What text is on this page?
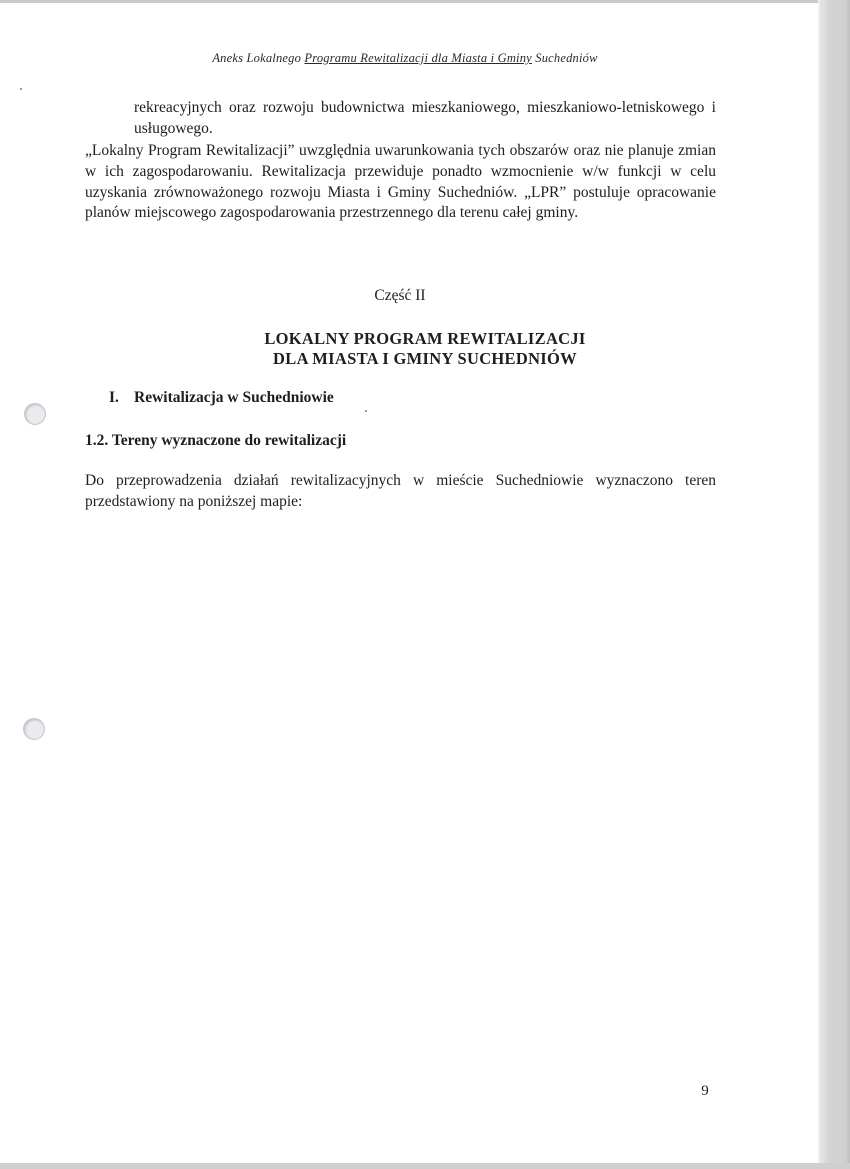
Aneks Lokalnego Programu Rewitalizacji dla Miasta i Gminy Suchedniów

rekreacyjnych oraz rozwoju budownictwa mieszkaniowego, mieszkaniowo-letniskowego i usługowego.

„Lokalny Program Rewitalizacji” uwzględnia uwarunkowania tych obszarów oraz nie planuje zmian w ich zagospodarowaniu. Rewitalizacja przewiduje ponadto wzmocnienie w/w funkcji w celu uzyskania zrównoważonego rozwoju Miasta i Gminy Suchedniów. „LPR” postuluje opracowanie planów miejscowego zagospodarowania przestrzennego dla terenu całej gminy.

Część II
LOKALNY PROGRAM REWITALIZACJI
DLA MIASTA I GMINY SUCHEDNIÓW
I. Rewitalizacja w Suchedniowie
1.2. Tereny wyznaczone do rewitalizacji

Do przeprowadzenia działań rewitalizacyjnych w mieście Suchedniowie wyznaczono teren przedstawiony na poniższej mapie:

9
